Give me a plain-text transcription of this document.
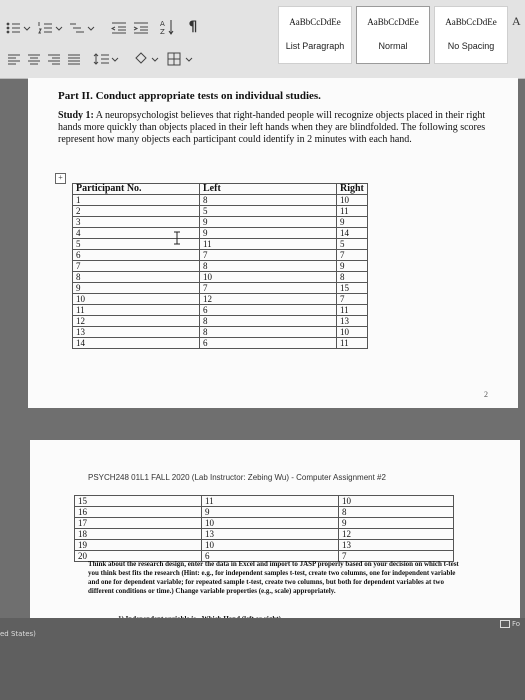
A
Z ¶	AaBbCcDdEe
List Paragraph
AaBbCcDdEe
Normal
AaBbCcDdEe
No Spacing
A
Part II. Conduct appropriate tests on individual studies.
Study 1: A neuropsychologist believes that right-handed people will recognize objects placed in their right hands more quickly than objects placed in their left hands when they are blindfolded. The following scores represent how many objects each participant could identify in 2 minutes with each hand.
+
Participant No.	Left	Right
1	8	10
2	5	11
3	9	9
4	9	14
5	11	5
6	7	7
7	8	9
8	10	8
9	7	15
10	12	7
11	6	11
12	8	13
13	8	10
14	6	11
2
PSYCH248 01L1 FALL 2020 (Lab Instructor: Zebing Wu) - Computer Assignment #2
15	11	10
16	9	8
17	10	9
18	13	12
19	10	13
20	6	7
Think about the research design, enter the data in Excel and import to JASP properly based on your decision on which t-test you think best fits the research (Hint: e.g., for independent samples t-test, create two columns, one for independent variable and one for dependent variable; for repeated sample t-test, create two columns, but both for dependent variables at two different conditions or time.) Change variable properties (e.g., scale) appropriately.
ed States)
Fo
